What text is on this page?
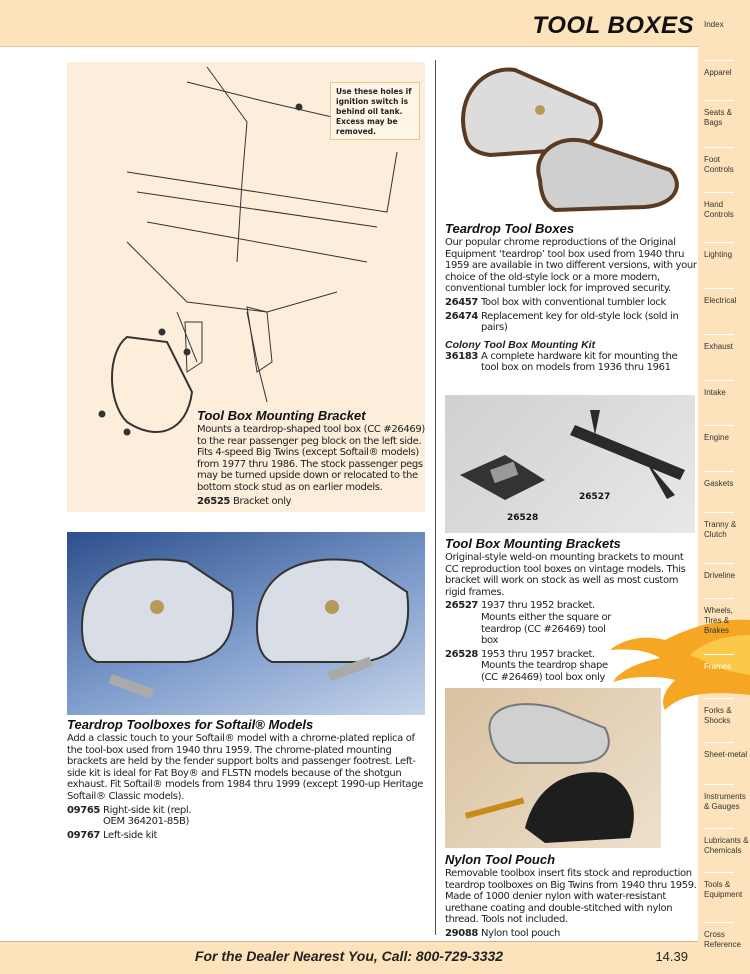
TOOL BOXES Index
Apparel
Seats & Bags
Foot Controls
Hand Controls
Lighting
Electrical
Exhaust
Intake
Engine
Gaskets
Tranny & Clutch
Driveline
Wheels, Tires & Brakes
Frames
Forks & Shocks
Sheet-metal
Instruments & Gauges
Lubricants & Chemicals
Tools & Equipment
Cross Reference
Use these holes if ignition switch is behind oil tank. Excess may be removed.
Tool Box Mounting Bracket
Mounts a teardrop-shaped tool box (CC #26469) to the rear passenger peg block on the left side. Fits 4-speed Big Twins (except Softail® models) from 1977 thru 1986. The stock passenger pegs may be turned upside down or relocated to the bottom stock stud as on earlier models.
26525 Bracket only
Teardrop Toolboxes for Softail® Models
Add a classic touch to your Softail® model with a chrome-plated replica of the tool-box used from 1940 thru 1959. The chrome-plated mounting brackets are held by the fender support bolts and passenger footrest. Left-side kit is ideal for Fat Boy® and FLSTN models because of the shotgun exhaust. Fit Softail® models from 1984 thru 1999 (except 1990-up Heritage Softail® Classic models).
09765 Right-side kit (repl. OEM 364201-85B)
09767 Left-side kit
Teardrop Tool Boxes
Our popular chrome reproductions of the Original Equipment ‘teardrop’ tool box used from 1940 thru 1959 are available in two different versions, with your choice of the old-style lock or a more modern, conventional tumbler lock for improved security.
26457 Tool box with conventional tumbler lock
26474 Replacement key for old-style lock (sold in pairs)
Colony Tool Box Mounting Kit
36183 A complete hardware kit for mounting the tool box on models from 1936 thru 1961
26527
26528
Tool Box Mounting Brackets
Original-style weld-on mounting brackets to mount CC reproduction tool boxes on vintage models. This bracket will work on stock as well as most custom rigid frames.
26527 1937 thru 1952 bracket. Mounts either the square or teardrop (CC #26469) tool box
26528 1953 thru 1957 bracket. Mounts the teardrop shape (CC #26469) tool box only
Nylon Tool Pouch
Removable toolbox insert fits stock and reproduction teardrop toolboxes on Big Twins from 1940 thru 1959. Made of 1000 denier nylon with water-resistant urethane coating and double-stitched with nylon thread. Tools not included.
29088 Nylon tool pouch
For the Dealer Nearest You, Call: 800-729-3332	14.39
